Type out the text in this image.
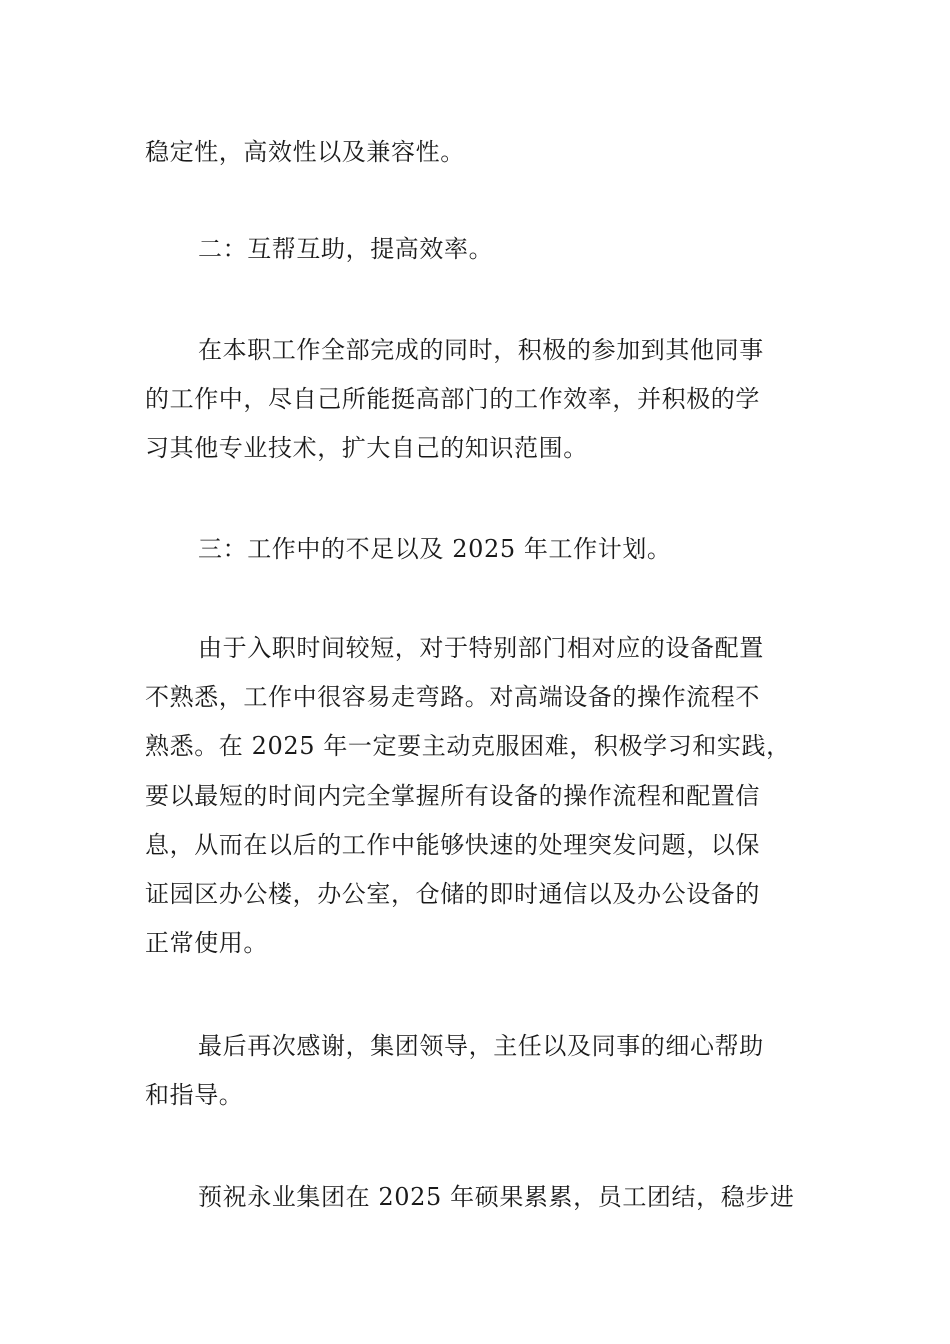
稳定性，高效性以及兼容性。
二：互帮互助，提高效率。
在本职工作全部完成的同时，积极的参加到其他同事
的工作中，尽自己所能挺高部门的工作效率，并积极的学
习其他专业技术，扩大自己的知识范围。
三：工作中的不足以及 2025 年工作计划。
由于入职时间较短，对于特别部门相对应的设备配置
不熟悉，工作中很容易走弯路。对高端设备的操作流程不
熟悉。在 2025 年一定要主动克服困难，积极学习和实践，
要以最短的时间内完全掌握所有设备的操作流程和配置信
息，从而在以后的工作中能够快速的处理突发问题，以保
证园区办公楼，办公室，仓储的即时通信以及办公设备的
正常使用。
最后再次感谢，集团领导，主任以及同事的细心帮助
和指导。
预祝永业集团在 2025 年硕果累累，员工团结，稳步进
